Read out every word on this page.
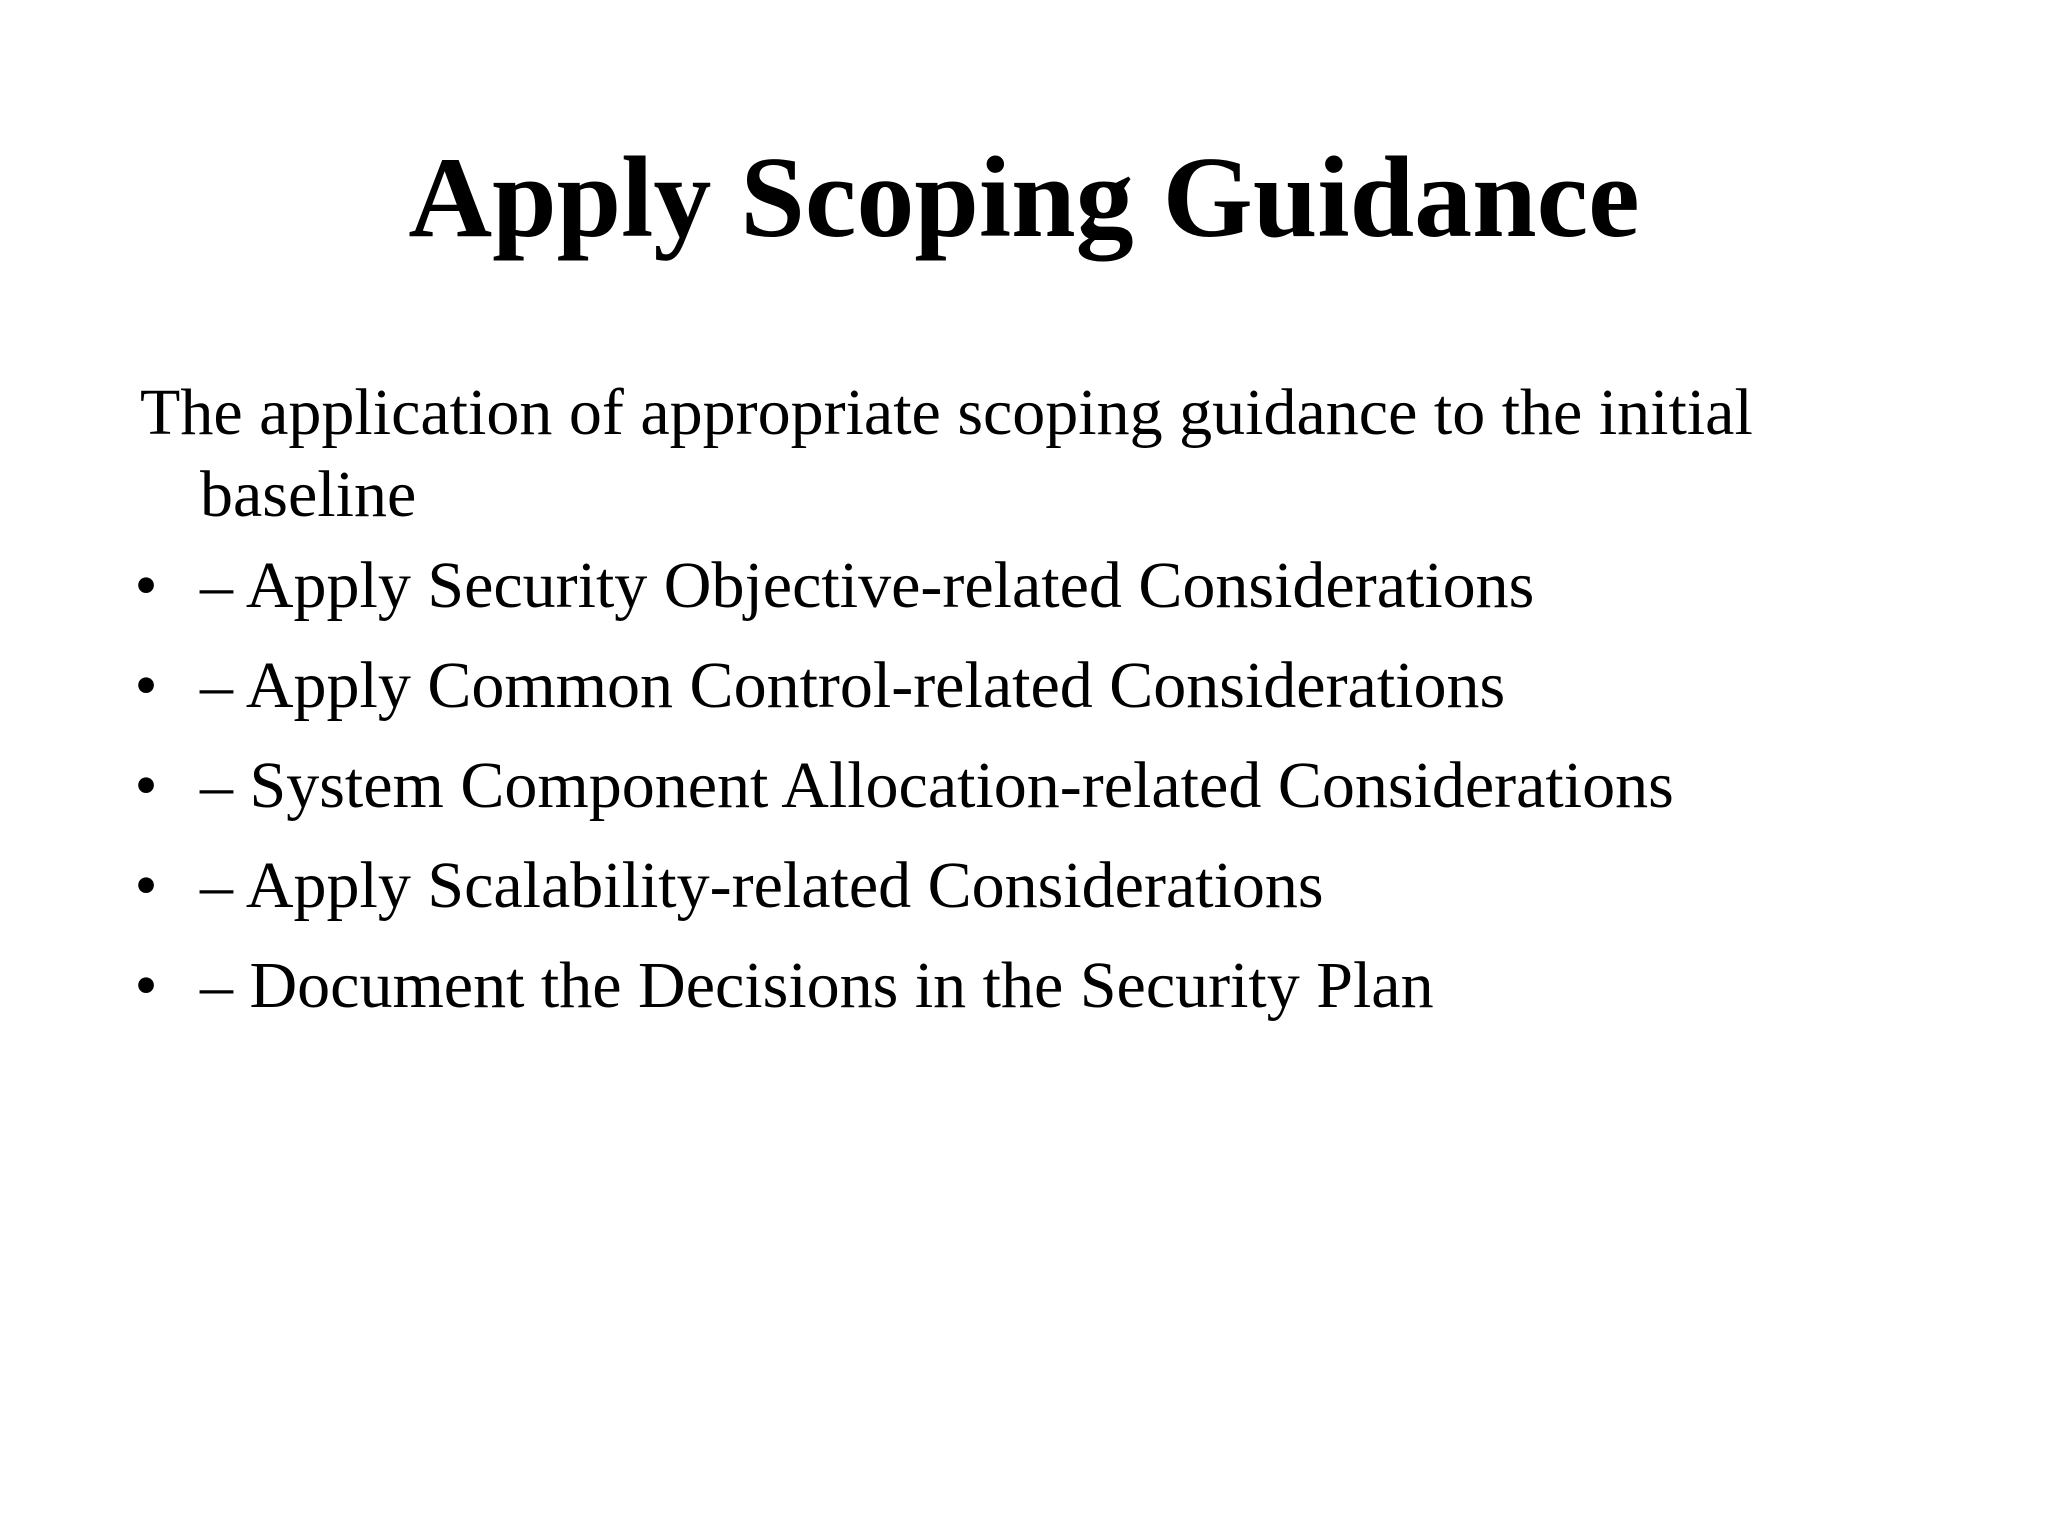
Apply Scoping Guidance

The application of appropriate scoping guidance to the initial baseline

• – Apply Security Objective-related Considerations
• – Apply Common Control-related Considerations
• – System Component Allocation-related Considerations
• – Apply Scalability-related Considerations
• – Document the Decisions in the Security Plan
